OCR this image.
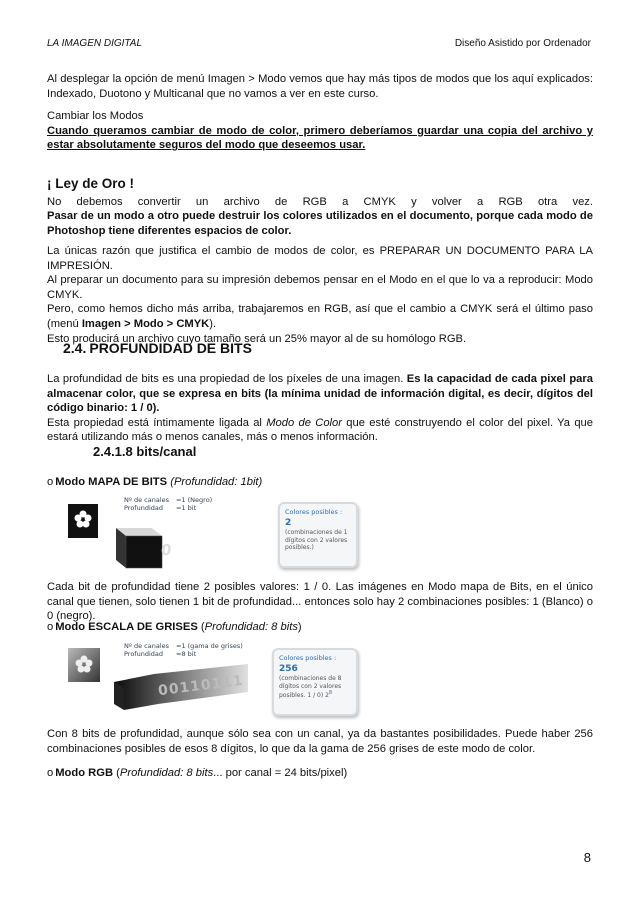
LA IMAGEN DIGITAL	Diseño Asistido por Ordenador
Al desplegar la opción de menú Imagen > Modo vemos que hay más tipos de modos que los aquí explicados: Indexado, Duotono y Multicanal que no vamos a ver en este curso.
Cambiar los Modos
Cuando queramos cambiar de modo de color, primero deberíamos guardar una copia del archivo y estar absolutamente seguros del modo que deseemos usar.
¡ Ley de Oro !
No debemos convertir un archivo de RGB a CMYK y volver a RGB otra vez.
Pasar de un modo a otro puede destruir los colores utilizados en el documento, porque cada modo de Photoshop tiene diferentes espacios de color.
La únicas razón que justifica el cambio de modos de color, es PREPARAR UN DOCUMENTO PARA LA IMPRESIÓN.
Al preparar un documento para su impresión debemos pensar en el Modo en el que lo va a reproducir: Modo CMYK.
Pero, como hemos dicho más arriba, trabajaremos en RGB, así que el cambio a CMYK será el último paso (menú Imagen > Modo > CMYK).
Esto producirá un archivo cuyo tamaño será un 25% mayor al de su homólogo RGB.
2.4. PROFUNDIDAD DE BITS
La profundidad de bits es una propiedad de los píxeles de una imagen. Es la capacidad de cada pixel para almacenar color, que se expresa en bits (la mínima unidad de información digital, es decir, dígitos del código binario: 1 / 0).
Esta propiedad está íntimamente ligada al Modo de Color que esté construyendo el color del pixel. Ya que estará utilizando más o menos canales, más o menos información.
2.4.1.8 bits/canal
o Modo MAPA DE BITS (Profundidad: 1bit)
Nº de canales =1 (Negro)

Profundidad =1 bit
0
Colores posibles :
2
(combinaciones de 1 dígitos con 2 valores posibles.)
Cada bit de profundidad tiene 2 posibles valores: 1 / 0. Las imágenes en Modo mapa de Bits, en el único canal que tienen, solo tienen 1 bit de profundidad... entonces solo hay 2 combinaciones posibles: 1 (Blanco) o 0 (negro).
o Modo ESCALA DE GRISES (Profundidad: 8 bits)
Nº de canales =1 (gama de grises)

Profundidad =8 bit
00110111
Colores posibles :
256
(combinaciones de 8 dígitos con 2 valores posibles. 1 / 0) $2^8$
Con 8 bits de profundidad, aunque sólo sea con un canal, ya da bastantes posibilidades. Puede haber 256 combinaciones posibles de esos 8 dígitos, lo que da la gama de 256 grises de este modo de color.
o Modo RGB (Profundidad: 8 bits... por canal = 24 bits/pixel)
8
